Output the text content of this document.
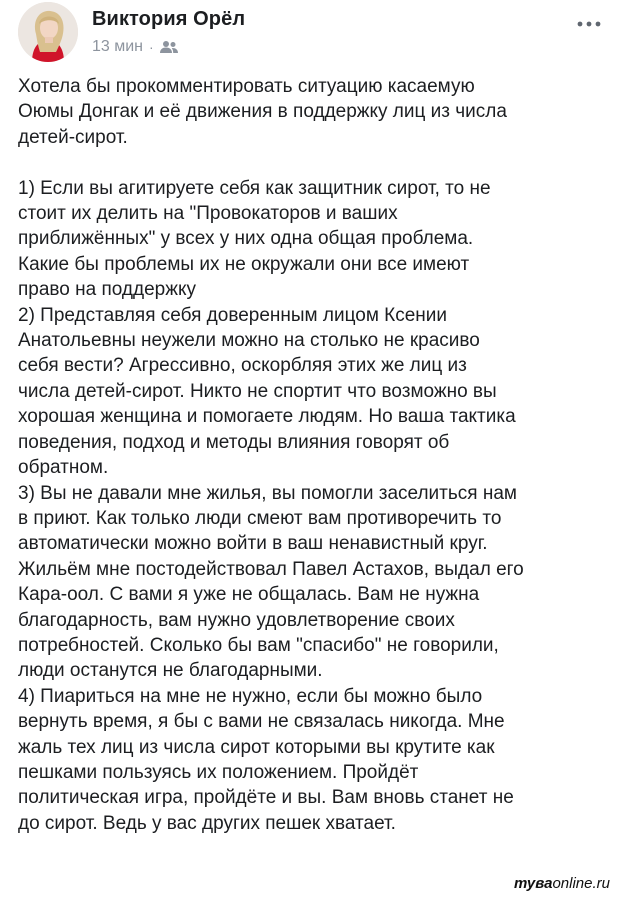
Виктория Орёл
13 мин ·

Хотела бы прокомментировать ситуацию касаемую

Оюмы Донгак и её движения в поддержку лиц из числа

детей-сирот.

1) Если вы агитируете себя как защитник сирот, то не

стоит их делить на "Провокаторов и ваших

приближённых" у всех у них одна общая проблема.

Какие бы проблемы их не окружали они все имеют

право на поддержку

2) Представляя себя доверенным лицом Ксении

Анатольевны неужели можно на столько не красиво

себя вести? Агрессивно, оскорбляя этих же лиц из

числа детей-сирот. Никто не спортит что возможно вы

хорошая женщина и помогаете людям. Но ваша тактика

поведения, подход и методы влияния говорят об

обратном.

3) Вы не давали мне жилья, вы помогли заселиться нам

в приют. Как только люди смеют вам противоречить то

автоматически можно войти в ваш ненавистный круг.

Жильём мне постодействовал Павел Астахов, выдал его

Кара-оол. С вами я уже не общалась. Вам не нужна

благодарность, вам нужно удовлетворение своих

потребностей. Сколько бы вам "спасибо" не говорили,

люди останутся не благодарными.

4) Пиариться на мне не нужно, если бы можно было

вернуть время, я бы с вами не связалась никогда. Мне

жаль тех лиц из числа сирот которыми вы крутите как

пешками пользуясь их положением. Пройдёт

политическая игра, пройдёте и вы. Вам вновь станет не

до сирот. Ведь у вас других пешек хватает.

туваonline.ru
